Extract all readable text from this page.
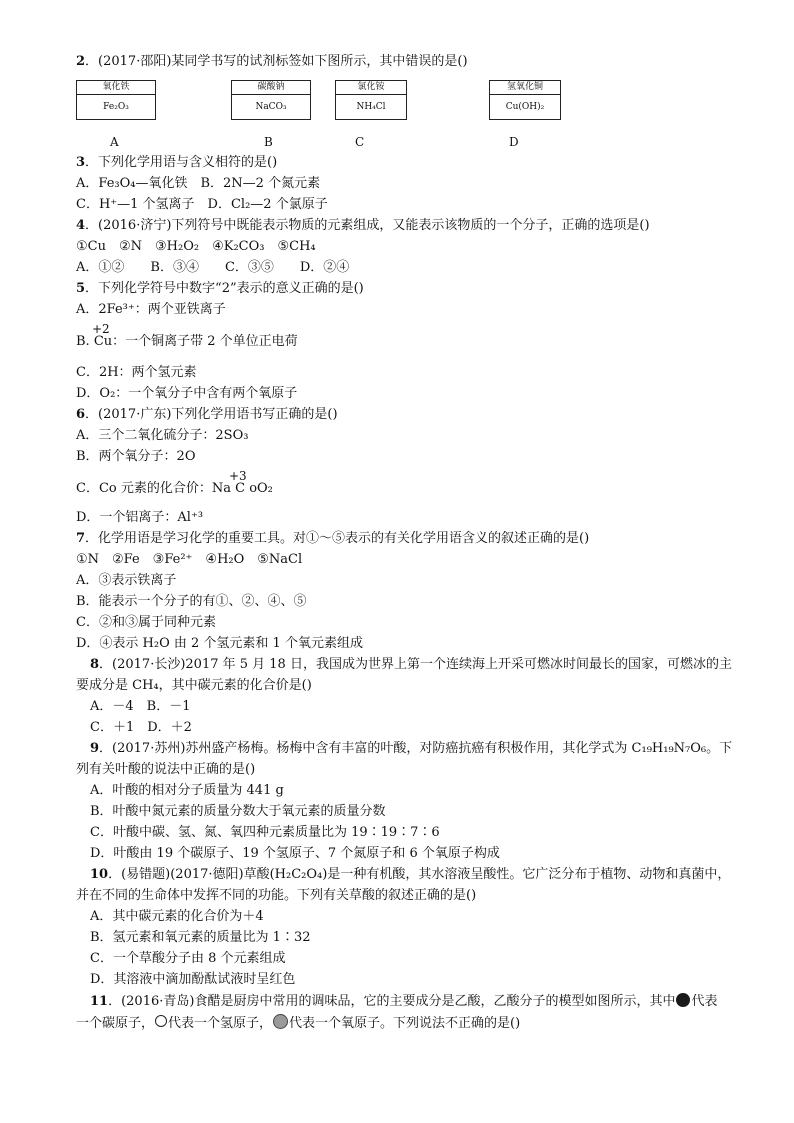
2．(2017·邵阳)某同学书写的试剂标签如下图所示，其中错误的是()
氧化铁
Fe₂O₃
碳酸钠
NaCO₃
氯化铵
NH₄Cl
氢氧化铜
Cu(OH)₂
A	B	C	D
3．下列化学用语与含义相符的是()
A．Fe₃O₄—氧化铁　B．2N—2 个氮元素
C．H⁺—1 个氢离子　D．Cl₂—2 个氯原子
4．(2016·济宁)下列符号中既能表示物质的元素组成，又能表示该物质的一个分子，正确的选项是()
①Cu　②N　③H₂O₂　④K₂CO₃　⑤CH₄
A．①②　　B．③④　　C．③⑤　　D．②④
5．下列化学符号中数字“2”表示的意义正确的是()
A．2Fe³⁺：两个亚铁离子
+2
B. Cu：一个铜离子带 2 个单位正电荷
C．2H：两个氢元素
D．O₂：一个氧分子中含有两个氧原子
6．(2017·广东)下列化学用语书写正确的是()
A．三个二氧化硫分子：2SO₃
B．两个氧分子：2O
+3
C．Co 元素的化合价：Na C oO₂
D．一个铝离子：Al⁺³
7．化学用语是学习化学的重要工具。对①～⑤表示的有关化学用语含义的叙述正确的是()
①N　②Fe　③Fe²⁺　④H₂O　⑤NaCl
A．③表示铁离子
B．能表示一个分子的有①、②、④、⑤
C．②和③属于同种元素
D．④表示 H₂O 由 2 个氢元素和 1 个氧元素组成
8．(2017·长沙)2017 年 5 月 18 日，我国成为世界上第一个连续海上开采可燃冰时间最长的国家，可燃冰的主
要成分是 CH₄，其中碳元素的化合价是()
A．－4　B．－1
C．＋1　D．＋2
9．(2017·苏州)苏州盛产杨梅。杨梅中含有丰富的叶酸，对防癌抗癌有积极作用，其化学式为 C₁₉H₁₉N₇O₆。下
列有关叶酸的说法中正确的是()
A．叶酸的相对分子质量为 441 g
B．叶酸中氮元素的质量分数大于氧元素的质量分数
C．叶酸中碳、氢、氮、氧四种元素质量比为 19∶19∶7∶6
D．叶酸由 19 个碳原子、19 个氢原子、7 个氮原子和 6 个氧原子构成
10．(易错题)(2017·德阳)草酸(H₂C₂O₄)是一种有机酸，其水溶液呈酸性。它广泛分布于植物、动物和真菌中，
并在不同的生命体中发挥不同的功能。下列有关草酸的叙述正确的是()
A．其中碳元素的化合价为＋4
B．氢元素和氧元素的质量比为 1∶32
C．一个草酸分子由 8 个元素组成
D．其溶液中滴加酚酞试液时呈红色
11．(2016·青岛)食醋是厨房中常用的调味品，它的主要成分是乙酸，乙酸分子的模型如图所示，其中 代表
一个碳原子， 代表一个氢原子， 代表一个氧原子。下列说法不正确的是()
